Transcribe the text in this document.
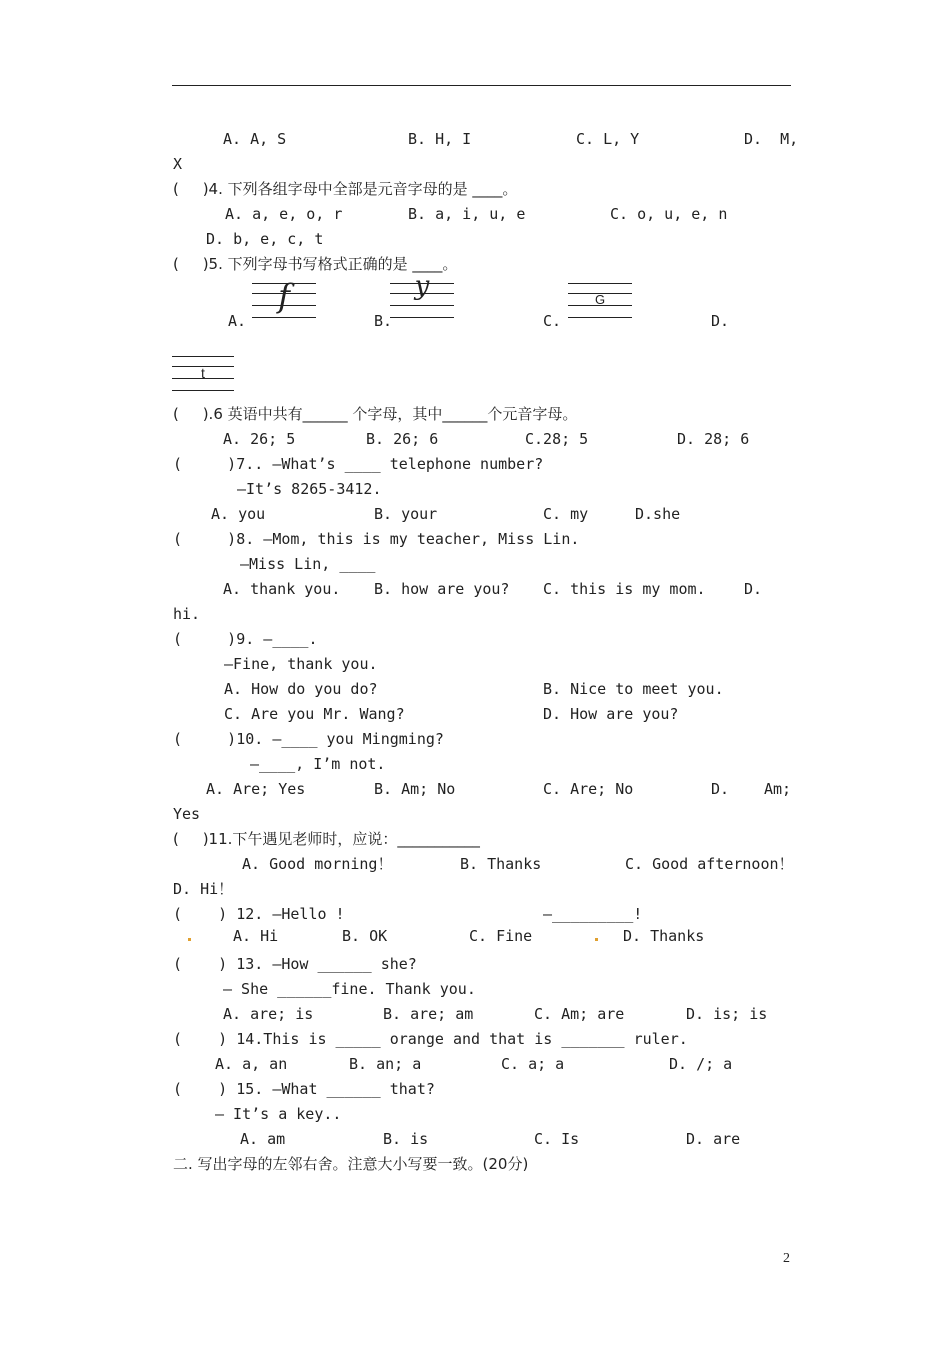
A. A, S	B. H, I	C. L, Y	D.  M,
X
(     )4. 下列各组字母中全部是元音字母的是 ____。
A. a, e, o, r	B. a, i, u, e	C. o, u, e, n
D. b, e, c, t
(     )5. 下列字母书写格式正确的是 ____。
f	y	G
A.	B.	C.	D.
t
(     ).6 英语中共有______ 个字母，其中______个元音字母。
A. 26; 5	B. 26; 6	C.28; 5	D. 28; 6
(     )7.. —What’s ____ telephone number?
—It’s 8265-3412.
A. you	B. your	C. my	D.she
(     )8. —Mom, this is my teacher, Miss Lin.
—Miss Lin, ____
A. thank you. B. how are you? C. this is my mom.	D.
hi.
(     )9. —____.
—Fine, thank you.
A. How do you do?	B. Nice to meet you.
C. Are you Mr. Wang?	D. How are you?
(     )10. —____ you Mingming?
—____, I’m not.
A. Are; Yes	B. Am; No	C. Are; No	D. Am;
Yes
(     )11.下午遇见老师时，应说：___________
A. Good morning！	B. Thanks	C. Good afternoon！
D. Hi！
(    ) 12. —Hello !	—_________!
A. Hi	B. OK	C. Fine	D. Thanks
(    ) 13. —How ______ she?
— She ______fine. Thank you.
A. are; is	B. are; am	C. Am; are	D. is; is
(    ) 14.This is _____ orange and that is _______ ruler.
A. a, an	B. an; a	C. a; a	D. /; a
(    ) 15. —What ______ that?
— It’s a key..
A. am	B. is	C. Is	D. are
二. 写出字母的左邻右舍。注意大小写要一致。(20分)
2
